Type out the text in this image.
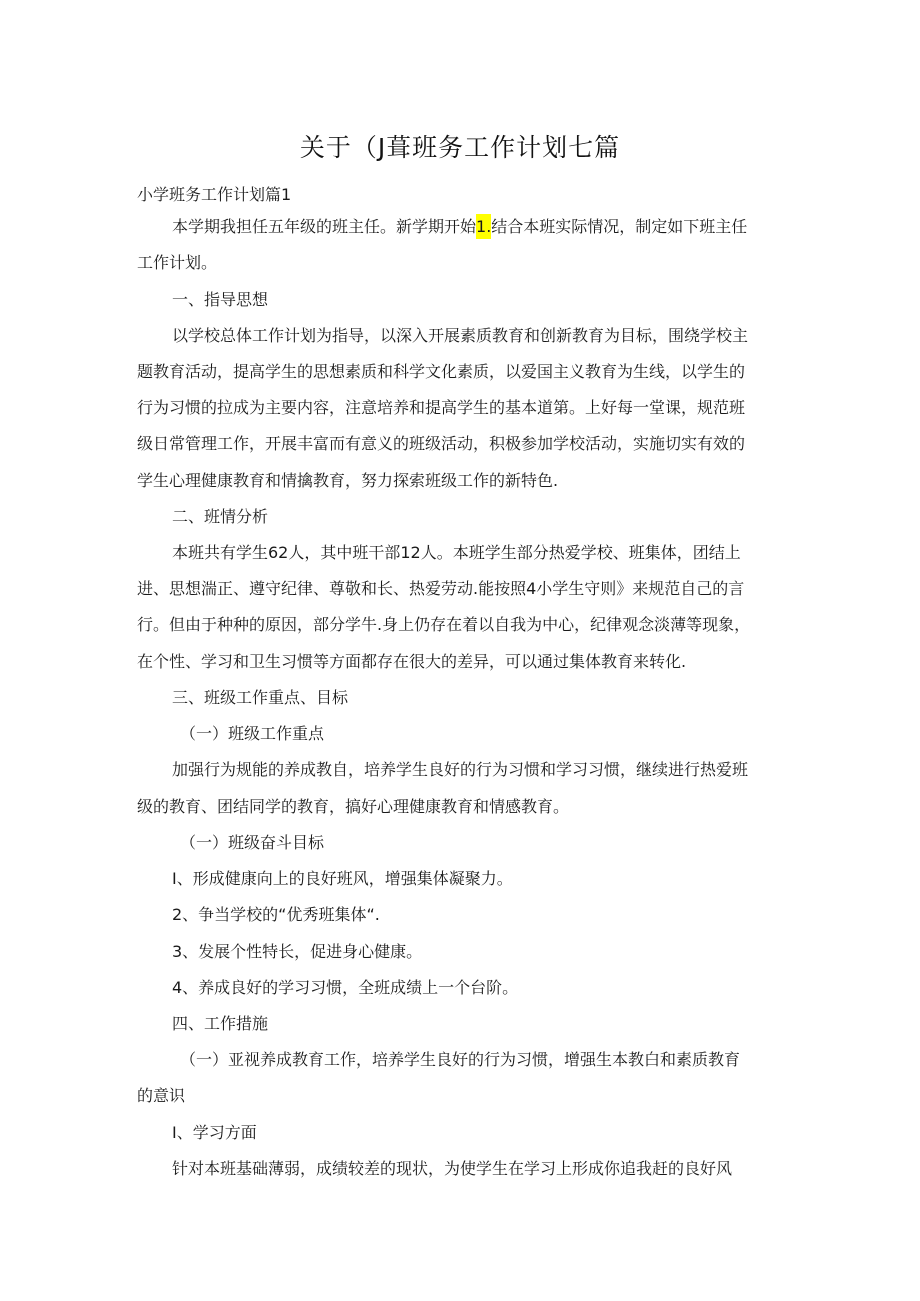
关于（J葺班务工作计划七篇
小学班务工作计划篇1
本学期我担任五年级的班主任。新学期开始1.结合本班实际情况，制定如下班主任
工作计划。
一、指导思想
以学校总体工作计划为指导，以深入开展素质教育和创新教育为目标，围绕学校主
题教育活动，提高学生的思想素质和科学文化素质，以爱国主义教育为生线，以学生的
行为习惯的拉成为主要内容，注意培养和提高学生的基本道第。上好每一堂课，规范班
级日常管理工作，开展丰富而有意义的班级活动，积极参加学校活动，实施切实有效的
学生心理健康教育和情擒教育，努力探索班级工作的新特色.
二、班情分析
本班共有学生62人，其中班干部12人。本班学生部分热爱学校、班集体，团结上
进、思想湍正、遵守纪律、尊敬和长、热爱劳动.能按照4小学生守则》来规范自己的言
行。但由于种种的原因，部分学牛.身上仍存在着以自我为中心，纪律观念淡薄等现象，
在个性、学习和卫生习惯等方面都存在很大的差异，可以通过集体教育来转化.
三、班级工作重点、目标
（一）班级工作重点
加强行为规能的养成教自，培养学生良好的行为习惯和学习习惯，继续进行热爱班
级的教育、团结同学的教育，搞好心理健康教育和情感教育。
（一）班级奋斗目标
I、形成健康向上的良好班风，增强集体凝聚力。
2、争当学校的“优秀班集体“.
3、发展个性特长，促进身心健康。
4、养成良好的学习习惯，全班成绩上一个台阶。
四、工作措施
（一）亚视养成教育工作，培养学生良好的行为习惯，增强生本教白和素质教育
的意识
I、学习方面
针对本班基础薄弱，成绩较差的现状，为使学生在学习上形成你追我赶的良好风
